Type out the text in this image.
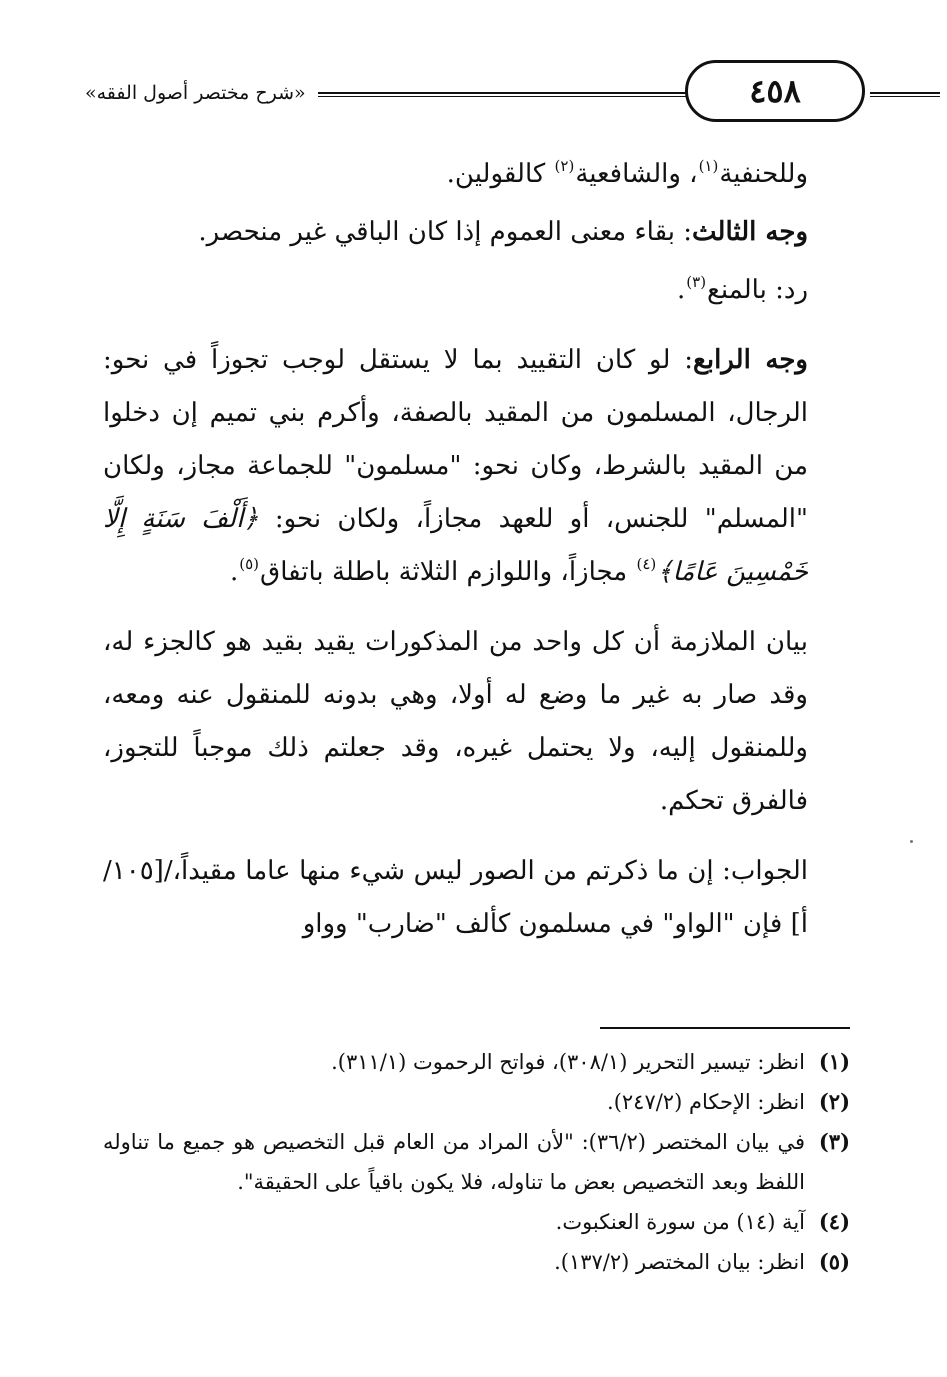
«شرح مختصر أصول الفقه»	٤٥٨

وللحنفية$^{(١)}$، والشافعية$^{(٢)}$ كالقولين.

وجه الثالث: بقاء معنى العموم إذا كان الباقي غير منحصر.

رد: بالمنع$^{(٣)}$.

وجه الرابع: لو كان التقييد بما لا يستقل لوجب تجوزاً في نحو: الرجال، المسلمون من المقيد بالصفة، وأكرم بني تميم إن دخلوا من المقيد بالشرط، وكان نحو: "مسلمون" للجماعة مجاز، ولكان "المسلم" للجنس، أو للعهد مجازاً، ولكان نحو: ﴿أَلْفَ سَنَةٍ إِلَّا خَمْسِينَ عَامًا﴾$^{(٤)}$ مجازاً، واللوازم الثلاثة باطلة باتفاق$^{(٥)}$.

بيان الملازمة أن كل واحد من المذكورات يقيد بقيد هو كالجزء له، وقد صار به غير ما وضع له أولا، وهي بدونه للمنقول عنه ومعه، وللمنقول إليه، ولا يحتمل غيره، وقد جعلتم ذلك موجباً للتجوز، فالفرق تحكم.

الجواب: إن ما ذكرتم من الصور ليس شيء منها عاما مقيداً،/[١٠٥/أ] فإن "الواو" في مسلمون كألف "ضارب" وواو

(١)
انظر: تيسير التحرير (٣٠٨/١)، فواتح الرحموت (٣١١/١).

(٢)
انظر: الإحكام (٢٤٧/٢).

(٣)
في بيان المختصر (٣٦/٢): "لأن المراد من العام قبل التخصيص هو جميع ما تناوله اللفظ وبعد التخصيص بعض ما تناوله، فلا يكون باقياً على الحقيقة".

(٤)
آية (١٤) من سورة العنكبوت.

(٥)
انظر: بيان المختصر (١٣٧/٢).
